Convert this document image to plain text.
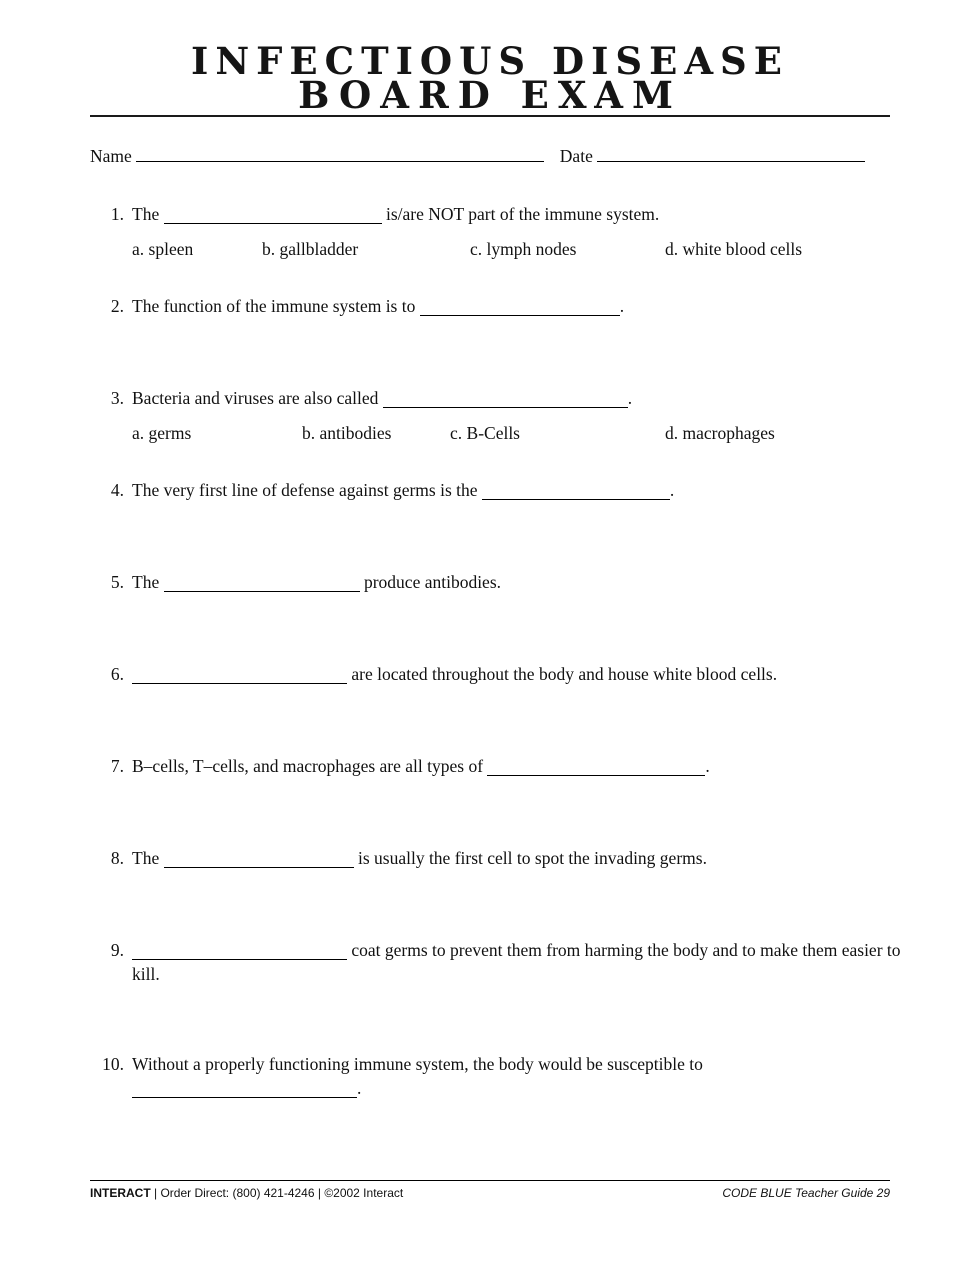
INFECTIOUS DISEASE
BOARD EXAM
Name	Date
1. The	is/are NOT part of the immune system.
a. spleen	b. gallbladder	c. lymph nodes	d. white blood cells
2. The function of the immune system is to	.
3. Bacteria and viruses are also called	.
a. germs	b. antibodies	c. B-Cells	d. macrophages
4. The very first line of defense against germs is the	.
5. The	produce antibodies.
6.	are located throughout the body and house white blood cells.
7. B–cells, T–cells, and macrophages are all types of	.
8. The	is usually the first cell to spot the invading germs.
9.	coat germs to prevent them from harming the body and to make them easier to kill.
10. Without a properly functioning immune system, the body would be susceptible to
.
INTERACT | Order Direct: (800) 421-4246 | ©2002 Interact	CODE BLUE Teacher Guide 29
